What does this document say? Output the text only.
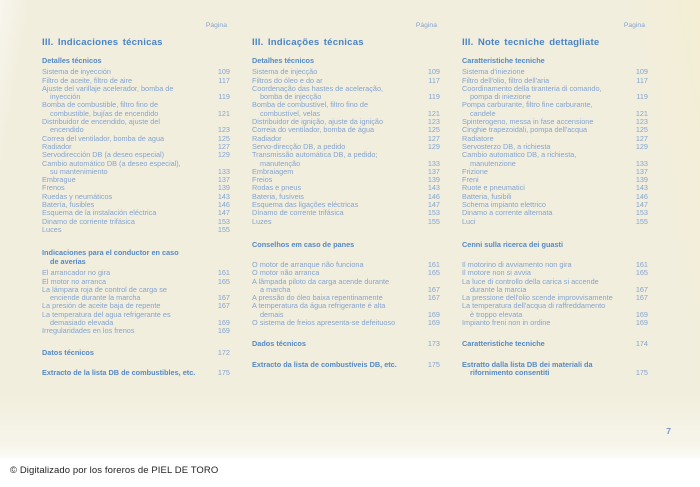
Página
III. Indicaciones técnicas
Detalles técnicos
Sistema de inyección	109
Filtro de aceite, filtro de aire	117
Ajuste del varillaje acelerador, bomba de
inyección	119
Bomba de combustible, filtro fino de
combustible, bujías de encendido	121
Distribuidor de encendido, ajuste del
encendido	123
Correa del ventilador, bomba de agua	125
Radiador	127
Servodirección DB (a deseo especial)	129
Cambio automático DB (a deseo especial),
su mantenimiento	133
Embrague	137
Frenos	139
Ruedas y neumáticos	143
Batería, fusibles	146
Esquema de la instalación eléctrica	147
Dinamo de corriente trifásica	153
Luces	155
Indicaciones para el conductor en caso
de averías
El arrancador no gira	161
El motor no arranca	165
La lámpara roja de control de carga se
enciende durante la marcha	167
La presión de aceite baja de repente	167
La temperatura del agua refrigerante es
demasiado elevada	169
Irregularidades en los frenos	169
Datos técnicos	172
Extracto de la lista DB de combustibles, etc.	175
Página
III. Indicações técnicas
Detalhes técnicos
Sistema de injecção	109
Filtros do óleo e do ar	117
Coordenação das hastes de aceleração,
bomba de injecção	119
Bomba de combustível, filtro fino de
combustível, velas	121
Distribuidor de ignição, ajuste da ignição	123
Correia do ventilador, bomba de água	125
Radiador	127
Servo-direcção DB, a pedido	129
Transmissão automática DB, a pedido;
manutenção	133
Embraiagem	137
Freios	139
Rodas e pneus	143
Bateria, fusíveis	146
Esquema das ligações eléctricas	147
Dínamo de corrente trifásica	153
Luzes	155
Conselhos em caso de panes
O motor de arranque não funciona	161
O motor não arranca	165
A lâmpada piloto da carga acende durante
a marcha	167
A pressão do óleo baixa repentinamente	167
A temperatura da água refrigerante é alta
demais	169
O sistema de freios apresenta-se defeituoso	169
Dados técnicos	173
Extracto da lista de combustíveis DB, etc.	175
Pagina
III. Note tecniche dettagliate
Caratteristiche tecniche
Sistema d'iniezione	109
Filtro dell'olio, filtro dell'aria	117
Coordinamento della tiranteria di comando,
pompa di iniezione	119
Pompa carburante, filtro fine carburante,
candele	121
Spinterogeno, messa in fase accensione	123
Cinghie trapezoidali, pompa dell'acqua	125
Radiatore	127
Servosterzo DB, a richiesta	129
Cambio automatico DB, a richiesta,
manutenzione	133
Frizione	137
Freni	139
Ruote e pneumatici	143
Batteria, fusibili	146
Schema impianto elettrico	147
Dinamo a corrente alternata	153
Luci	155
Cenni sulla ricerca dei guasti
Il motorino di avviamento non gira	161
Il motore non si avvia	165
La luce di controllo della carica si accende
durante la marcia	167
La pressione dell'olio scende improvvisamente	167
La temperatura dell'acqua di raffreddamento
è troppo elevata	169
Impianto freni non in ordine	169
Caratteristiche tecniche	174
Estratto dalla lista DB dei materiali da
rifornimento consentiti	175
7
© Digitalizado por los foreros de PIEL DE TORO
